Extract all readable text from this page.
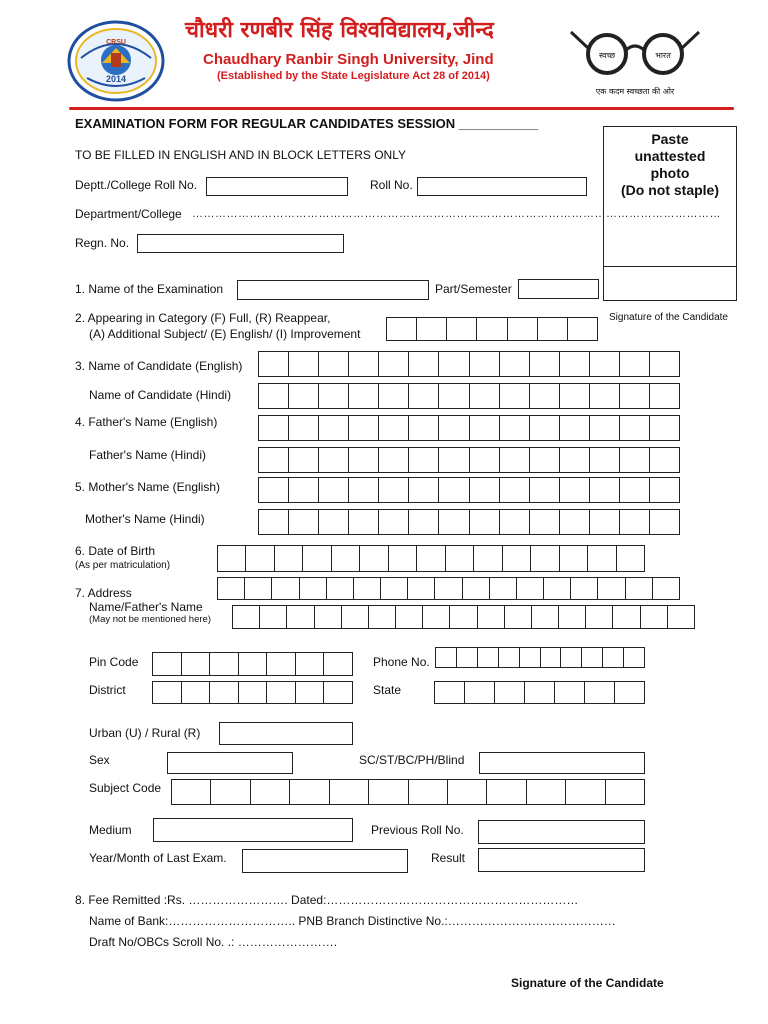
CRSU
2014
चौधरी रणबीर सिंह विश्वविद्यालय,जीन्द
Chaudhary Ranbir Singh University, Jind
(Established by the State Legislature Act 28 of 2014)
स्वच्छ	भारत
एक कदम स्वच्छता की ओर
EXAMINATION FORM FOR REGULAR CANDIDATES SESSION ___________
TO BE FILLED IN ENGLISH AND IN BLOCK LETTERS ONLY
Paste
unattested
photo
(Do not staple)
Signature of the Candidate
Deptt./College Roll No.	Roll No.
Department/College …………………………………………………………………………………………………………………………
Regn. No.
1. Name of the Examination	Part/Semester
2. Appearing in Category (F) Full, (R) Reappear,
(A) Additional Subject/ (E) English/ (I) Improvement
3. Name of Candidate (English)
Name of Candidate (Hindi)
4. Father's Name (English)
Father's Name (Hindi)
5. Mother's Name (English)
Mother's Name (Hindi)
6. Date of Birth
(As per matriculation)
7. Address
Name/Father's Name
(May not be mentioned here)
Pin Code	Phone No.
District	State
Urban (U) / Rural (R)
Sex	SC/ST/BC/PH/Blind
Subject Code
Medium	Previous Roll No.
Year/Month of Last Exam.	Result
8. Fee Remitted :Rs. ……………………. Dated:………………………………………………………
Name of Bank:………………………….. PNB Branch Distinctive No.:……………………………………
Draft No/OBCs Scroll No. .: …………………….
Signature of the Candidate
